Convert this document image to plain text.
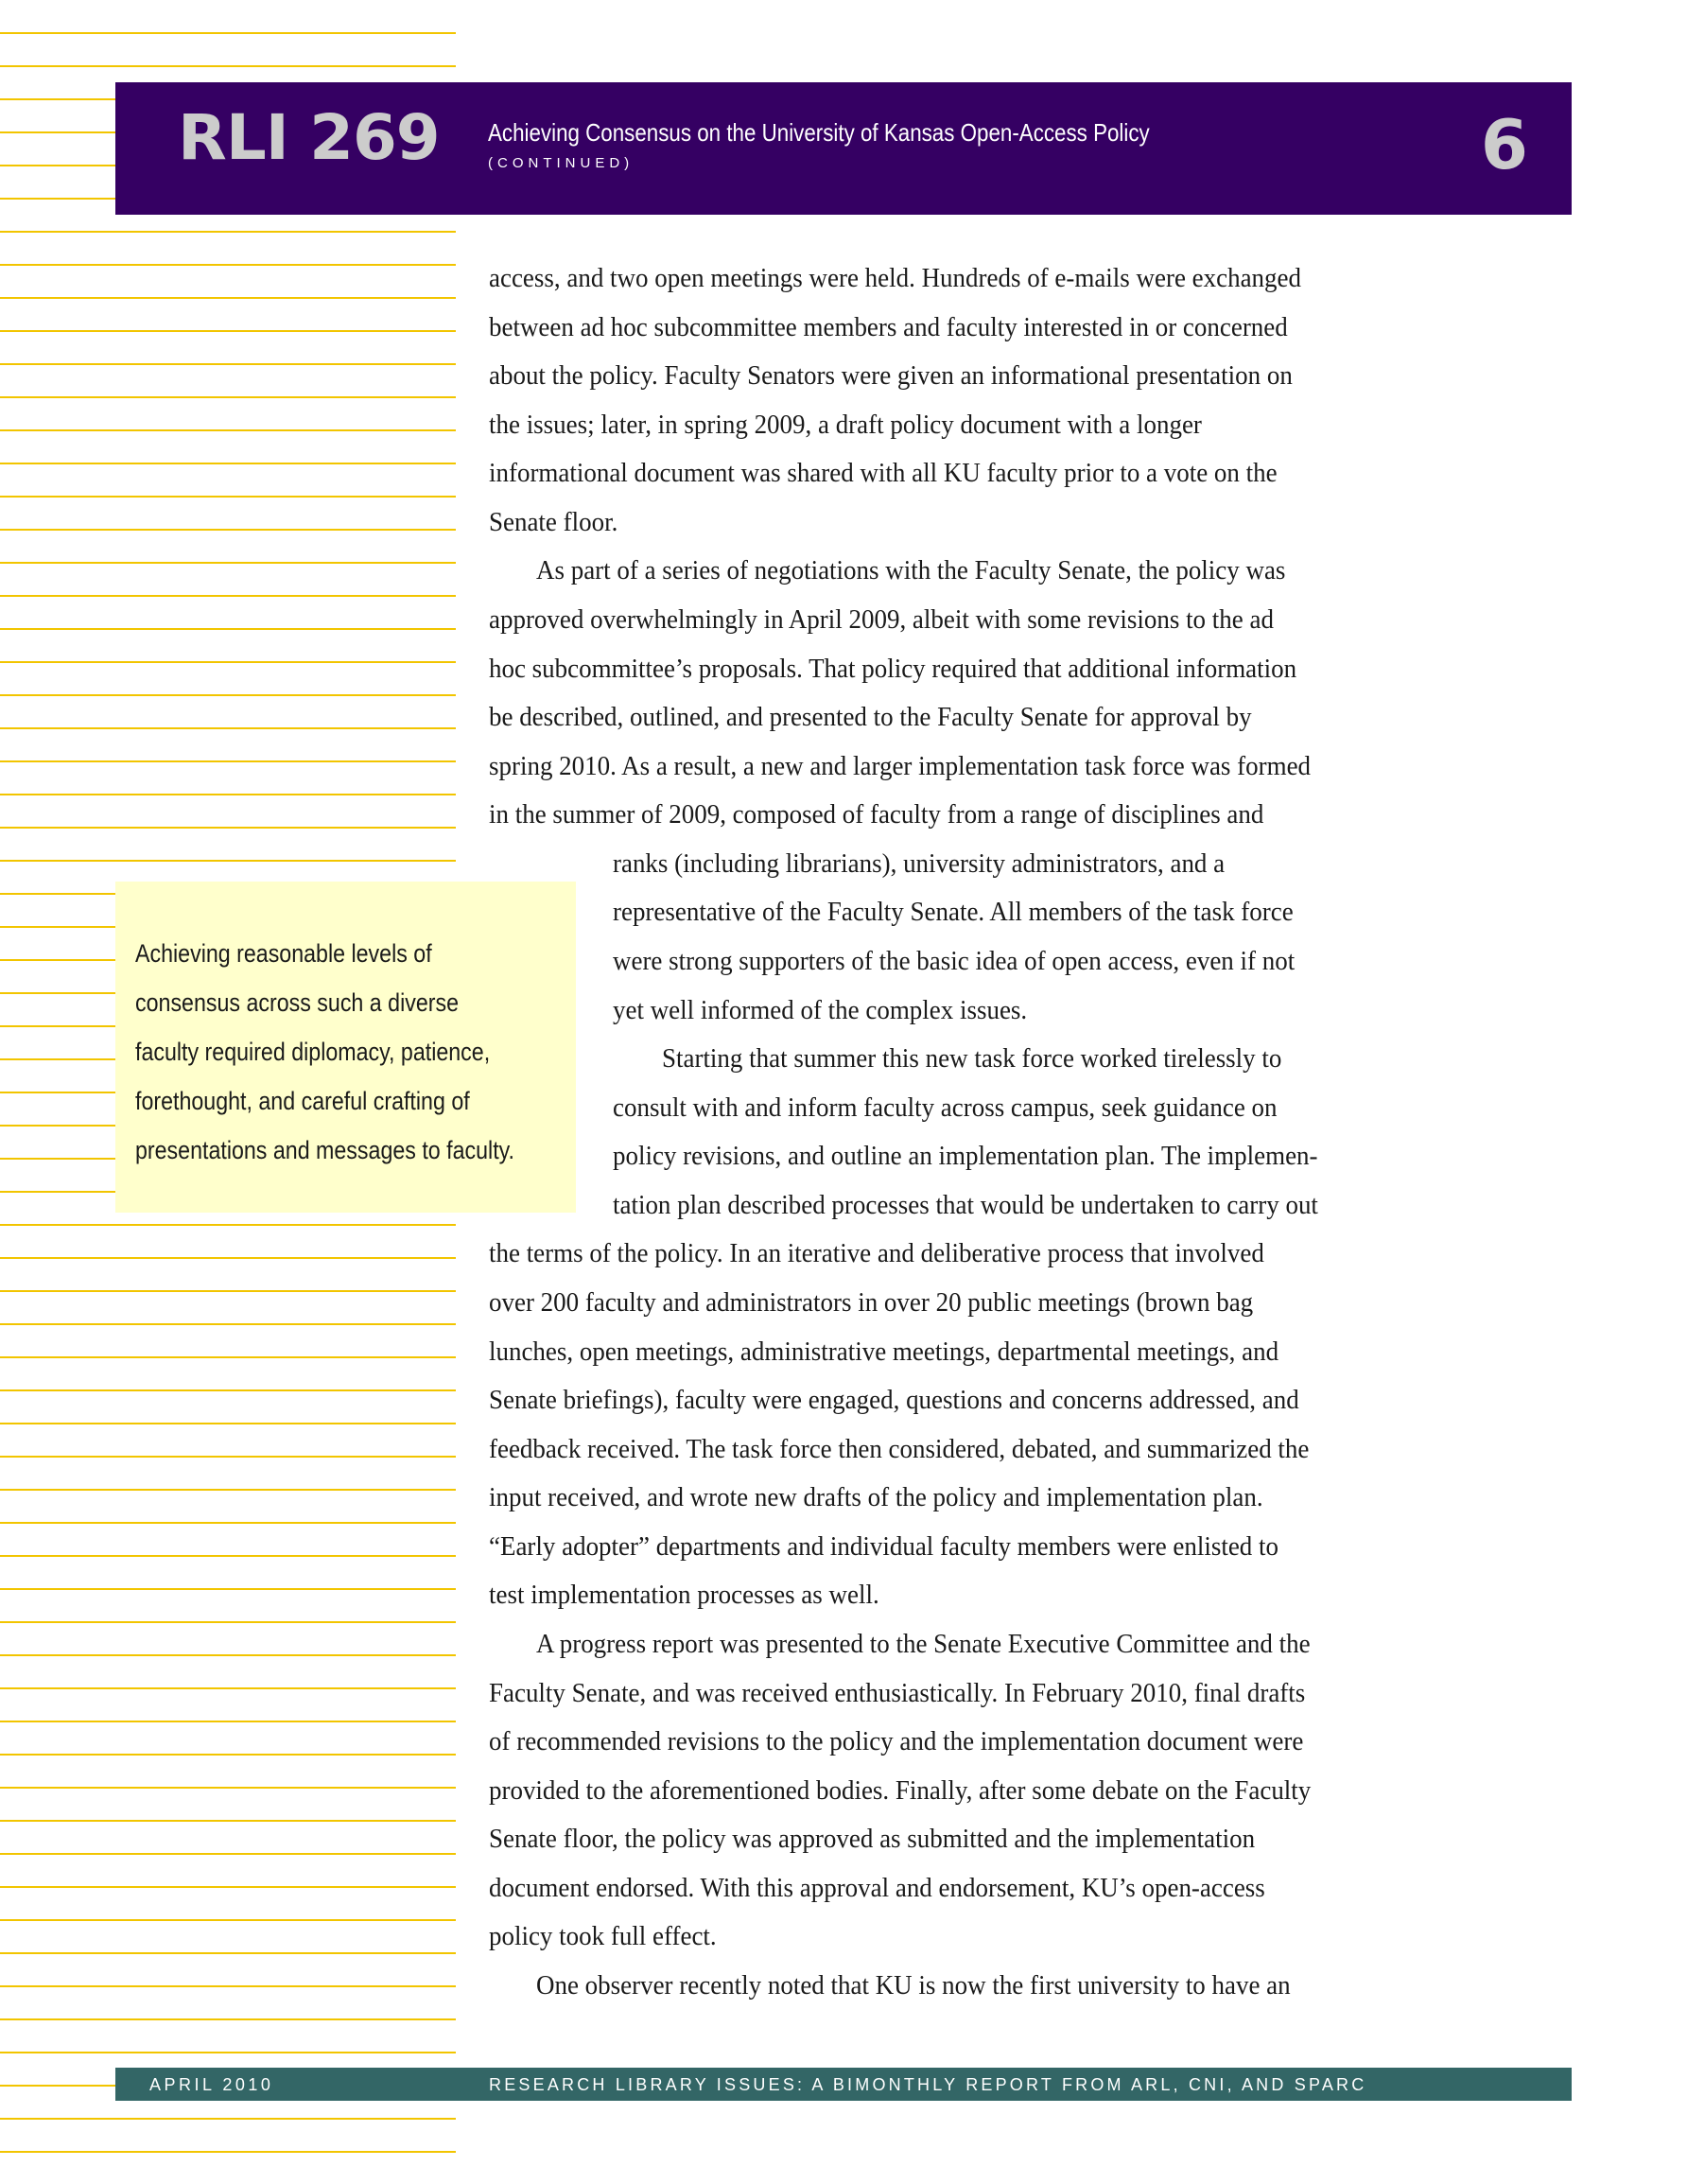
RLI 269 Achieving Consensus on the University of Kansas Open-Access Policy
(CONTINUED)	6
Achieving reasonable levels of
consensus across such a diverse
faculty required diplomacy, patience,
forethought, and careful crafting of
presentations and messages to faculty.
access, and two open meetings were held. Hundreds of e-mails were exchanged
between ad hoc subcommittee members and faculty interested in or concerned
about the policy. Faculty Senators were given an informational presentation on
the issues; later, in spring 2009, a draft policy document with a longer
informational document was shared with all KU faculty prior to a vote on the
Senate floor.
As part of a series of negotiations with the Faculty Senate, the policy was
approved overwhelmingly in April 2009, albeit with some revisions to the ad
hoc subcommittee’s proposals. That policy required that additional information
be described, outlined, and presented to the Faculty Senate for approval by
spring 2010. As a result, a new and larger implementation task force was formed
in the summer of 2009, composed of faculty from a range of disciplines and
ranks (including librarians), university administrators, and a
representative of the Faculty Senate. All members of the task force
were strong supporters of the basic idea of open access, even if not
yet well informed of the complex issues.
Starting that summer this new task force worked tirelessly to
consult with and inform faculty across campus, seek guidance on
policy revisions, and outline an implementation plan. The implemen-
tation plan described processes that would be undertaken to carry out
the terms of the policy. In an iterative and deliberative process that involved
over 200 faculty and administrators in over 20 public meetings (brown bag
lunches, open meetings, administrative meetings, departmental meetings, and
Senate briefings), faculty were engaged, questions and concerns addressed, and
feedback received. The task force then considered, debated, and summarized the
input received, and wrote new drafts of the policy and implementation plan.
“Early adopter” departments and individual faculty members were enlisted to
test implementation processes as well.
A progress report was presented to the Senate Executive Committee and the
Faculty Senate, and was received enthusiastically. In February 2010, final drafts
of recommended revisions to the policy and the implementation document were
provided to the aforementioned bodies. Finally, after some debate on the Faculty
Senate floor, the policy was approved as submitted and the implementation
document endorsed. With this approval and endorsement, KU’s open-access
policy took full effect.
One observer recently noted that KU is now the first university to have an
APRIL 2010	RESEARCH LIBRARY ISSUES: A BIMONTHLY REPORT FROM ARL, CNI, AND SPARC
